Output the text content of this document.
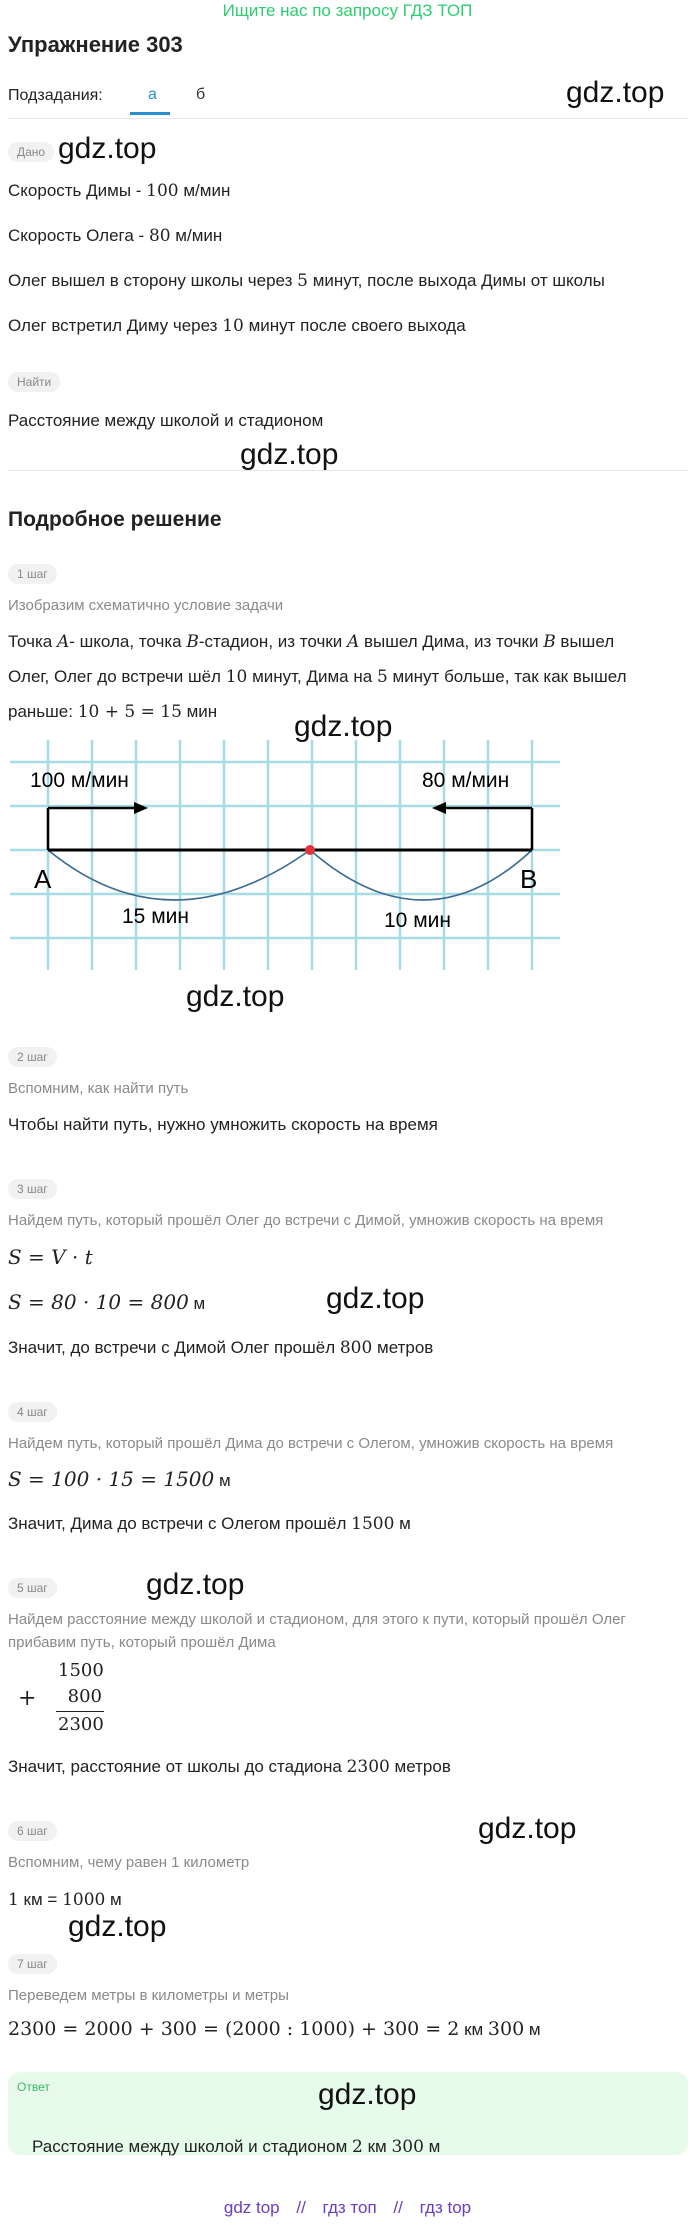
Ищите нас по запросу ГДЗ ТОП
Упражнение 303
Подзадания:	а б	gdz.top
Дано gdz.top
Скорость Димы - 100 м/мин
Скорость Олега - 80 м/мин
Олег вышел в сторону школы через 5 минут, после выхода Димы от школы
Олег встретил Диму через 10 минут после своего выхода
Найти
Расстояние между школой и стадионом
gdz.top
Подробное решение
1 шаг
Изобразим схематично условие задачи
Точка A- школа, точка B-стадион, из точки A вышел Дима, из точки B вышел
Олег, Олег до встречи шёл 10 минут, Дима на 5 минут больше, так как вышел
раньше: 10 + 5 = 15 мин	gdz.top
100 м/мин	80 м/мин
A	B
15 мин	10 мин
gdz.top
2 шаг
Вспомним, как найти путь
Чтобы найти путь, нужно умножить скорость на время
3 шаг
Найдем путь, который прошёл Олег до встречи с Димой, умножив скорость на время
S = V · t
S = 80 · 10 = 800 м	gdz.top
Значит, до встречи с Димой Олег прошёл 800 метров
4 шаг
Найдем путь, который прошёл Дима до встречи с Олегом, умножив скорость на время
S = 100 · 15 = 1500 м
Значит, Дима до встречи с Олегом прошёл 1500 м
5 шаг	gdz.top
Найдем расстояние между школой и стадионом, для этого к пути, который прошёл Олег
прибавим путь, который прошёл Дима
+
1500
800
2300
Значит, расстояние от школы до стадиона 2300 метров
6 шаг	gdz.top
Вспомним, чему равен 1 километр
1 км = 1000 м
gdz.top
7 шаг
Переведем метры в километры и метры
2300 = 2000 + 300 = (2000 : 1000) + 300 = 2 км 300 м
Ответ	gdz.top
Расстояние между школой и стадионом 2 км 300 м
gdz top // гдз топ // гдз top
